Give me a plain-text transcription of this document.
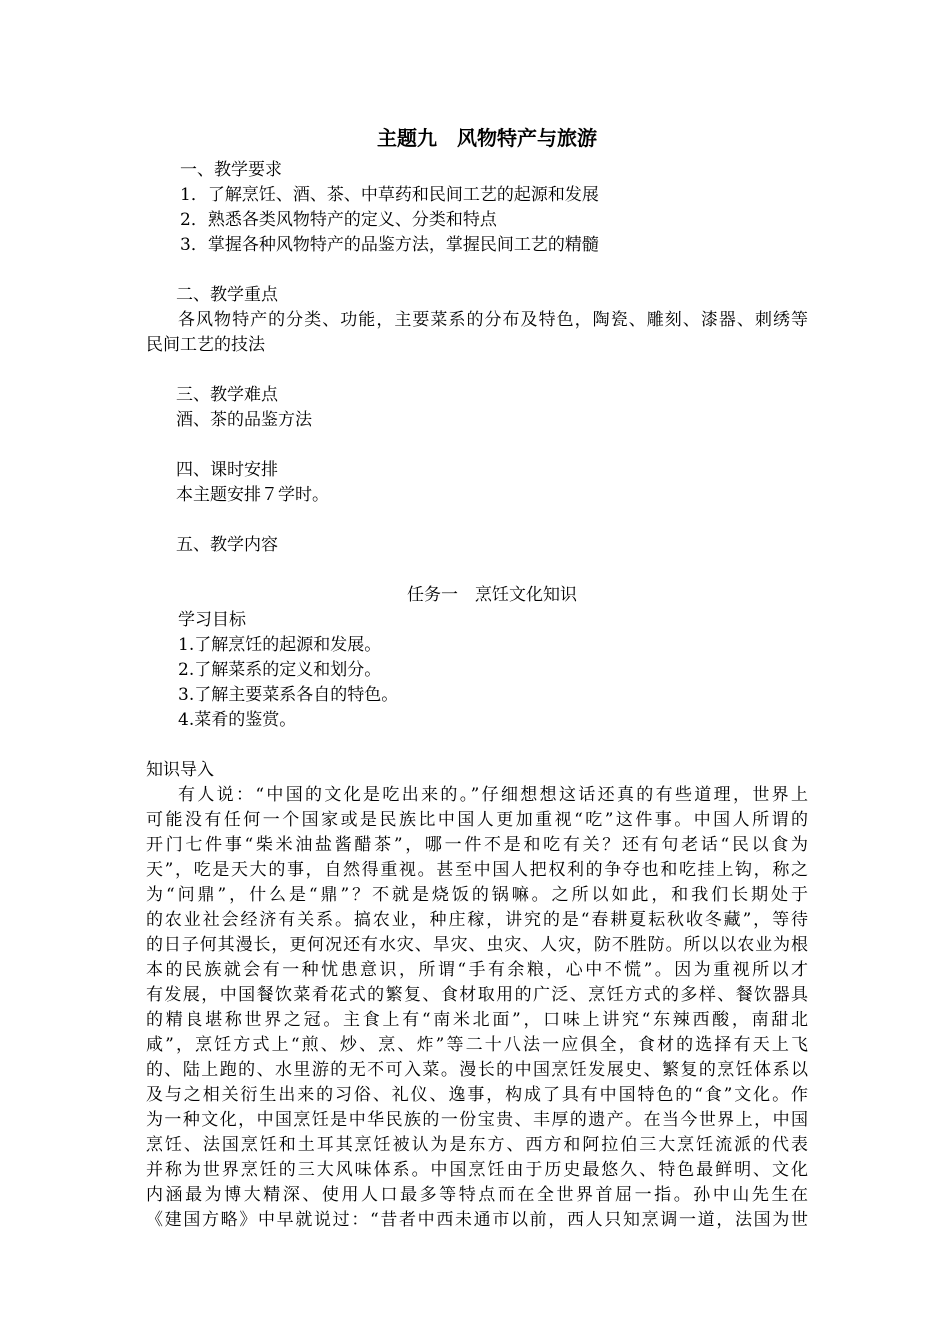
主题九　风物特产与旅游

一、教学要求

1．了解烹饪、酒、茶、中草药和民间工艺的起源和发展

2．熟悉各类风物特产的定义、分类和特点

3．掌握各种风物特产的品鉴方法，掌握民间工艺的精髓

二、教学重点

各风物特产的分类、功能，主要菜系的分布及特色，陶瓷、雕刻、漆器、刺绣等
民间工艺的技法

三、教学难点

酒、茶的品鉴方法

四、课时安排

本主题安排７学时。

五、教学内容

任务一　烹饪文化知识

学习目标

1.了解烹饪的起源和发展。

2.了解菜系的定义和划分。

3.了解主要菜系各自的特色。

4.菜肴的鉴赏。

知识导入

有人说：“中国的文化是吃出来的。”仔细想想这话还真的有些道理，世界上
可能没有任何一个国家或是民族比中国人更加重视“吃”这件事。中国人所谓的
开门七件事“柴米油盐酱醋茶”，哪一件不是和吃有关？还有句老话“民以食为
天”，吃是天大的事，自然得重视。甚至中国人把权利的争夺也和吃挂上钩，称之
为“问鼎”，什么是“鼎”？不就是烧饭的锅嘛。之所以如此，和我们长期处于
的农业社会经济有关系。搞农业，种庄稼，讲究的是“春耕夏耘秋收冬藏”，等待
的日子何其漫长，更何况还有水灾、旱灾、虫灾、人灾，防不胜防。所以以农业为根
本的民族就会有一种忧患意识，所谓“手有余粮，心中不慌”。因为重视所以才
有发展，中国餐饮菜肴花式的繁复、食材取用的广泛、烹饪方式的多样、餐饮器具
的精良堪称世界之冠。主食上有“南米北面”，口味上讲究“东辣西酸，南甜北
咸”，烹饪方式上“煎、炒、烹、炸”等二十八法一应俱全，食材的选择有天上飞
的、陆上跑的、水里游的无不可入菜。漫长的中国烹饪发展史、繁复的烹饪体系以
及与之相关衍生出来的习俗、礼仪、逸事，构成了具有中国特色的“食”文化。作
为一种文化，中国烹饪是中华民族的一份宝贵、丰厚的遗产。在当今世界上，中国
烹饪、法国烹饪和土耳其烹饪被认为是东方、西方和阿拉伯三大烹饪流派的代表
并称为世界烹饪的三大风味体系。中国烹饪由于历史最悠久、特色最鲜明、文化
内涵最为博大精深、使用人口最多等特点而在全世界首屈一指。孙中山先生在
《建国方略》中早就说过：“昔者中西未通市以前，西人只知烹调一道，法国为世
